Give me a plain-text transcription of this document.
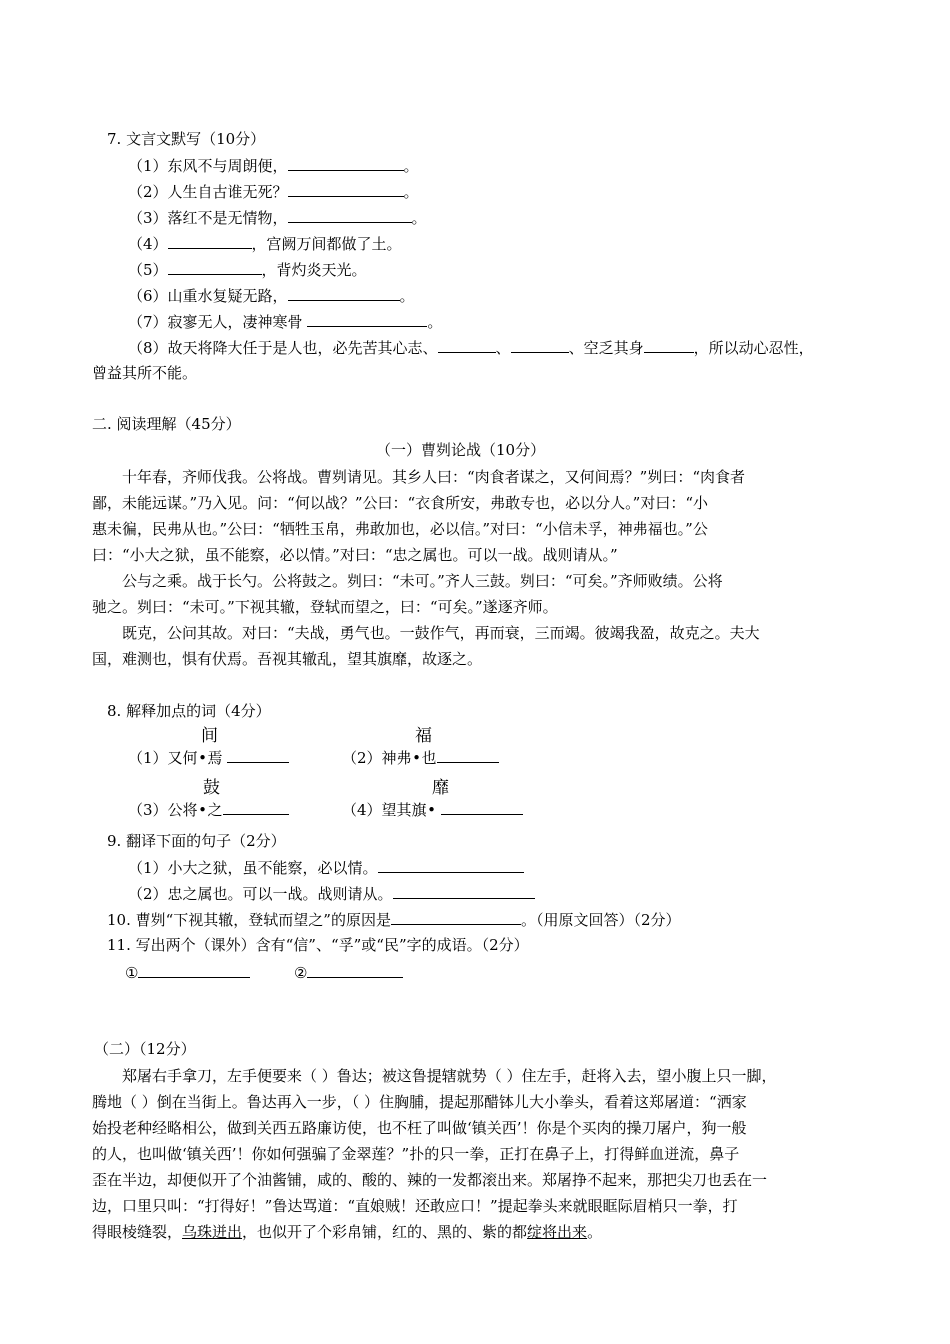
7. 文言文默写（10分）
（1）东风不与周朗便，	。
（2）人生自古谁无死？	。
（3）落红不是无情物，	。
（4）	，宫阙万间都做了土。
（5）	，背灼炎天光。
（6）山重水复疑无路，	。
（7）寂寥无人，凄神寒骨	。
（8）故天将降大任于是人也，必先苦其心志、	、	、空乏其身	，所以动心忍性，
曾益其所不能。
二. 阅读理解（45分）
（一）曹刿论战（10分）
十年春，齐师伐我。公将战。曹刿请见。其乡人曰：“肉食者谋之，又何间焉？”刿曰：“肉食者
鄙，未能远谋。”乃入见。问：“何以战？”公曰：“衣食所安，弗敢专也，必以分人。”对曰：“小
惠未徧，民弗从也。”公曰：“牺牲玉帛，弗敢加也，必以信。”对曰：“小信未孚，神弗福也。”公
曰：“小大之狱，虽不能察，必以情。”对曰：“忠之属也。可以一战。战则请从。”
公与之乘。战于长勺。公将鼓之。刿曰：“未可。”齐人三鼓。刿曰：“可矣。”齐师败绩。公将
驰之。刿曰：“未可。”下视其辙，登轼而望之，曰：“可矣。”遂逐齐师。
既克，公问其故。对曰：“夫战，勇气也。一鼓作气，再而衰，三而竭。彼竭我盈，故克之。夫大
国，难测也，惧有伏焉。吾视其辙乱，望其旗靡，故逐之。
8. 解释加点的词（4分）
间	福
（1）又何•焉	（2）神弗•也
鼓	靡
（3）公将•之	（4）望其旗•
9. 翻译下面的句子（2分）
（1）小大之狱，虽不能察，必以情。
（2）忠之属也。可以一战。战则请从。
10. 曹刿“下视其辙，登轼而望之”的原因是	。（用原文回答）（2分）
11. 写出两个（课外）含有“信”、“孚”或“民”字的成语。（2分）
①	②
（二）（12分）
郑屠右手拿刀，左手便要来（ ）鲁达；被这鲁提辖就势（ ）住左手，赶将入去，望小腹上只一脚，
腾地（ ）倒在当街上。鲁达再入一步，（ ）住胸脯，提起那醋钵儿大小拳头，看着这郑屠道：“洒家
始投老种经略相公，做到关西五路廉访使，也不枉了叫做‘镇关西’！你是个买肉的操刀屠户，狗一般
的人，也叫做‘镇关西’！你如何强骗了金翠莲？”扑的只一拳，正打在鼻子上，打得鲜血迸流，鼻子
歪在半边，却便似开了个油酱铺，咸的、酸的、辣的一发都滚出来。郑屠挣不起来，那把尖刀也丢在一
边，口里只叫：“打得好！”鲁达骂道：“直娘贼！还敢应口！”提起拳头来就眼眶际眉梢只一拳，打
得眼棱缝裂，乌珠迸出，也似开了个彩帛铺，红的、黑的、紫的都绽将出来。
